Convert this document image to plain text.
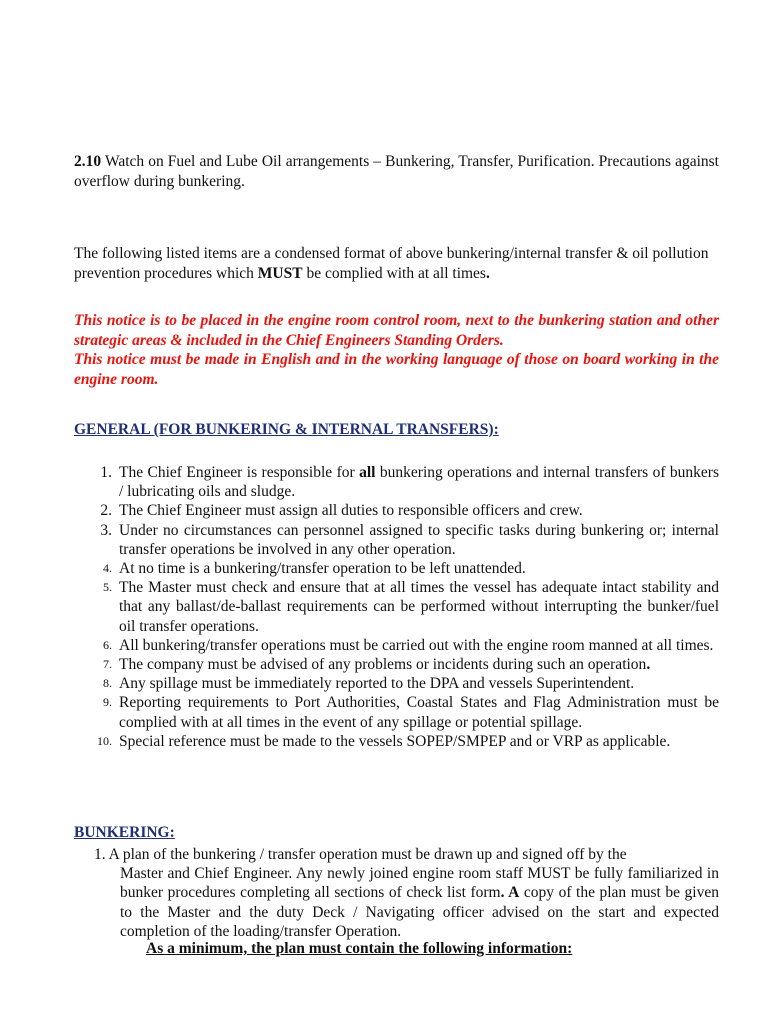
2.10 Watch on Fuel and Lube Oil arrangements – Bunkering, Transfer, Purification. Precautions against overflow during bunkering.
The following listed items are a condensed format of above bunkering/internal transfer & oil pollution prevention procedures which MUST be complied with at all times.
This notice is to be placed in the engine room control room, next to the bunkering station and other strategic areas & included in the Chief Engineers Standing Orders.
This notice must be made in English and in the working language of those on board working in the engine room.
GENERAL (FOR BUNKERING & INTERNAL TRANSFERS):
1. The Chief Engineer is responsible for all bunkering operations and internal transfers of bunkers / lubricating oils and sludge.
2. The Chief Engineer must assign all duties to responsible officers and crew.
3. Under no circumstances can personnel assigned to specific tasks during bunkering or; internal transfer operations be involved in any other operation.
4. At no time is a bunkering/transfer operation to be left unattended.
5. The Master must check and ensure that at all times the vessel has adequate intact stability and that any ballast/de-ballast requirements can be performed without interrupting the bunker/fuel oil transfer operations.
6. All bunkering/transfer operations must be carried out with the engine room manned at all times.
7. The company must be advised of any problems or incidents during such an operation.
8. Any spillage must be immediately reported to the DPA and vessels Superintendent.
9. Reporting requirements to Port Authorities, Coastal States and Flag Administration must be complied with at all times in the event of any spillage or potential spillage.
10. Special reference must be made to the vessels SOPEP/SMPEP and or VRP as applicable.
BUNKERING:
1. A plan of the bunkering / transfer operation must be drawn up and signed off by the
Master and Chief Engineer. Any newly joined engine room staff MUST be fully familiarized in bunker procedures completing all sections of check list form. A copy of the plan must be given to the Master and the duty Deck / Navigating officer advised on the start and expected completion of the loading/transfer Operation.
As a minimum, the plan must contain the following information:
